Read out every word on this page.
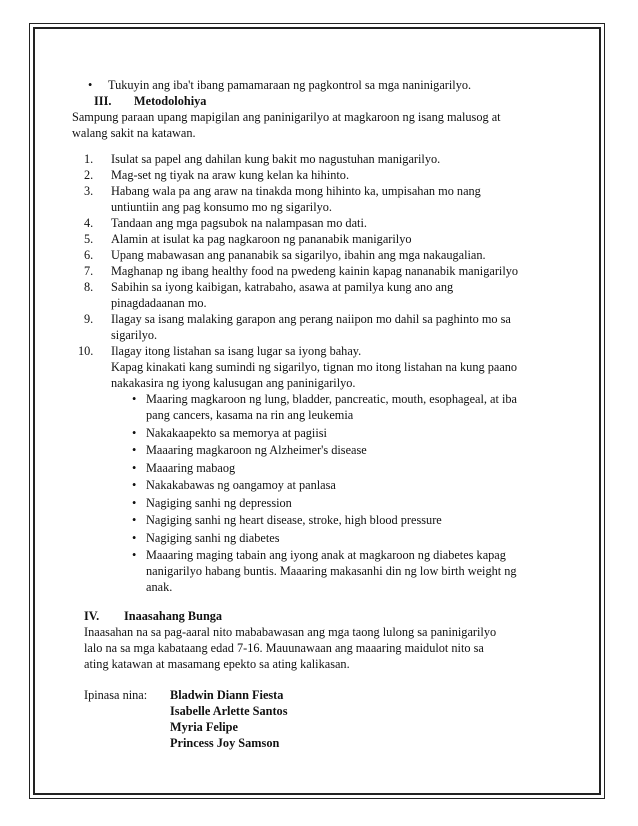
• Tukuyin ang iba't ibang pamamaraan ng pagkontrol sa mga naninigarilyo.
III. Metodolohiya
Sampung paraan upang mapigilan ang paninigarilyo at magkaroon ng isang malusog at
walang sakit na katawan.
1. Isulat sa papel ang dahilan kung bakit mo nagustuhan manigarilyo.
2. Mag-set ng tiyak na araw kung kelan ka hihinto.
3. Habang wala pa ang araw na tinakda mong hihinto ka, umpisahan mo nang
untiuntiin ang pag konsumo mo ng sigarilyo.
4. Tandaan ang mga pagsubok na nalampasan mo dati.
5. Alamin at isulat ka pag nagkaroon ng pananabik manigarilyo
6. Upang mabawasan ang pananabik sa sigarilyo, ibahin ang mga nakaugalian.
7. Maghanap ng ibang healthy food na pwedeng kainin kapag nananabik manigarilyo
8. Sabihin sa iyong kaibigan, katrabaho, asawa at pamilya kung ano ang
pinagdadaanan mo.
9. Ilagay sa isang malaking garapon ang perang naiipon mo dahil sa paghinto mo sa
sigarilyo.
10. Ilagay itong listahan sa isang lugar sa iyong bahay.
Kapag kinakati kang sumindi ng sigarilyo, tignan mo itong listahan na kung paano
nakakasira ng iyong kalusugan ang paninigarilyo.
• Maaring magkaroon ng lung, bladder, pancreatic, mouth, esophageal, at iba
pang cancers, kasama na rin ang leukemia
• Nakakaapekto sa memorya at pagiisi
• Maaaring magkaroon ng Alzheimer's disease
• Maaaring mabaog
• Nakakabawas ng oangamoy at panlasa
• Nagiging sanhi ng depression
• Nagiging sanhi ng heart disease, stroke, high blood pressure
• Nagiging sanhi ng diabetes
• Maaaring maging tabain ang iyong anak at magkaroon ng diabetes kapag
nanigarilyo habang buntis. Maaaring makasanhi din ng low birth weight ng
anak.
IV. Inaasahang Bunga
Inaasahan na sa pag-aaral nito mababawasan ang mga taong lulong sa paninigarilyo
lalo na sa mga kabataang edad 7-16. Mauunawaan ang maaaring maidulot nito sa
ating katawan at masamang epekto sa ating kalikasan.
Ipinasa nina: Bladwin Diann Fiesta
Isabelle Arlette Santos
Myria Felipe
Princess Joy Samson
